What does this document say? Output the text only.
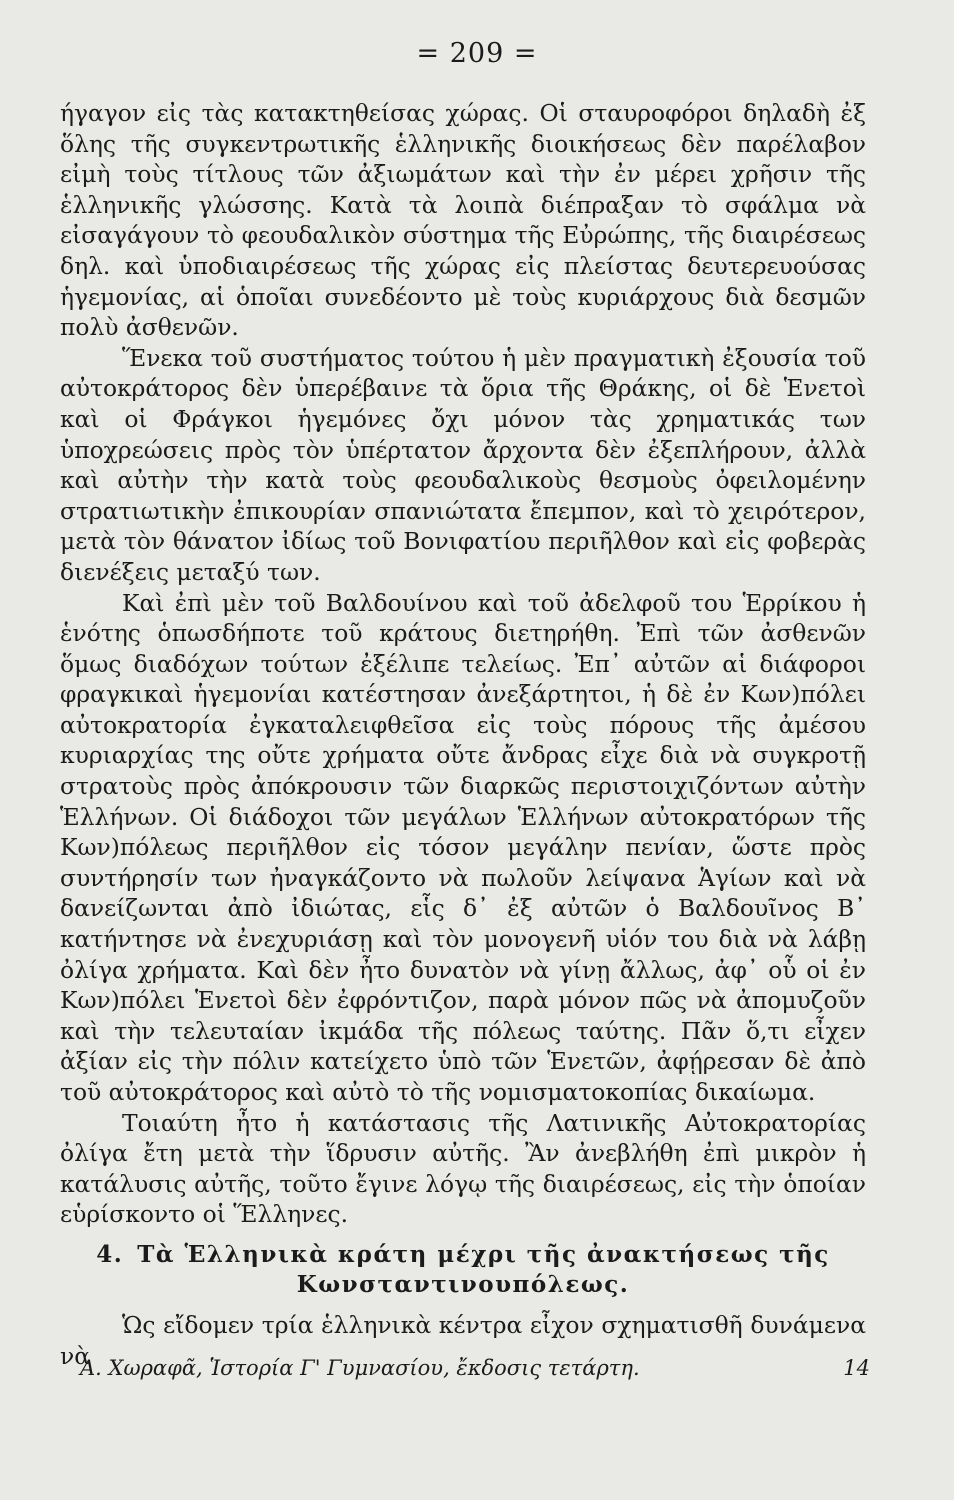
= 209 =

ήγαγον εἰς τὰς κατακτηθείσας χώρας. Οἱ σταυροφόροι δηλαδὴ ἐξ ὅλης τῆς συγκεντρωτικῆς ἑλληνικῆς διοικήσεως δὲν παρέλαβον εἰμὴ τοὺς τίτλους τῶν ἀξιωμάτων καὶ τὴν ἐν μέρει χρῆσιν τῆς ἑλληνικῆς γλώσσης. Κατὰ τὰ λοιπὰ διέπραξαν τὸ σφάλμα νὰ εἰσαγάγουν τὸ φεουδαλικὸν σύστημα τῆς Εὐρώπης, τῆς διαιρέσεως δηλ. καὶ ὑποδιαιρέσεως τῆς χώρας εἰς πλείστας δευτερευούσας ἡγεμονίας, αἱ ὁποῖαι συνεδέοντο μὲ τοὺς κυριάρχους διὰ δεσμῶν πολὺ ἀσθενῶν.

Ἕνεκα τοῦ συστήματος τούτου ἡ μὲν πραγματικὴ ἐξουσία τοῦ αὐτοκράτορος δὲν ὑπερέβαινε τὰ ὅρια τῆς Θράκης, οἱ δὲ Ἑνετοὶ καὶ οἱ Φράγκοι ἡγεμόνες ὄχι μόνον τὰς χρηματικάς των ὑποχρεώσεις πρὸς τὸν ὑπέρτατον ἄρχοντα δὲν ἐξεπλήρουν, ἀλλὰ καὶ αὐτὴν τὴν κατὰ τοὺς φεουδαλικοὺς θεσμοὺς ὀφειλομένην στρατιωτικὴν ἐπικουρίαν σπανιώτατα ἔπεμπον, καὶ τὸ χειρότερον, μετὰ τὸν θάνατον ἰδίως τοῦ Βονιφατίου περιῆλθον καὶ εἰς φοβερὰς διενέξεις μεταξύ των.

Καὶ ἐπὶ μὲν τοῦ Βαλδουίνου καὶ τοῦ ἀδελφοῦ του Ἑρρίκου ἡ ἑνότης ὁπωσδήποτε τοῦ κράτους διετηρήθη. Ἐπὶ τῶν ἀσθενῶν ὅμως διαδόχων τούτων ἐξέλιπε τελείως. Ἐπ᾿ αὐτῶν αἱ διάφοροι φραγκικαὶ ἡγεμονίαι κατέστησαν ἀνεξάρτητοι, ἡ δὲ ἐν Κων)πόλει αὐτοκρατορία ἐγκαταλειφθεῖσα εἰς τοὺς πόρους τῆς ἀμέσου κυριαρχίας της οὔτε χρήματα οὔτε ἄνδρας εἶχε διὰ νὰ συγκροτῇ στρατοὺς πρὸς ἀπόκρουσιν τῶν διαρκῶς περιστοιχιζόντων αὐτὴν Ἑλλήνων. Οἱ διάδοχοι τῶν μεγάλων Ἑλλήνων αὐτοκρατόρων τῆς Κων)πόλεως περιῆλθον εἰς τόσον μεγάλην πενίαν, ὥστε πρὸς συντήρησίν των ἠναγκάζοντο νὰ πωλοῦν λείψανα Ἁγίων καὶ νὰ δανείζωνται ἀπὸ ἰδιώτας, εἷς δ᾿ ἐξ αὐτῶν ὁ Βαλδουῖνος Β᾿ κατήντησε νὰ ἐνεχυριάσῃ καὶ τὸν μονογενῆ υἱόν του διὰ νὰ λάβῃ ὀλίγα χρήματα. Καὶ δὲν ἦτο δυνατὸν νὰ γίνῃ ἄλλως, ἀφ᾿ οὗ οἱ ἐν Κων)πόλει Ἑνετοὶ δὲν ἐφρόντιζον, παρὰ μόνον πῶς νὰ ἀπομυζοῦν καὶ τὴν τελευταίαν ἰκμάδα τῆς πόλεως ταύτης. Πᾶν ὅ,τι εἶχεν ἀξίαν εἰς τὴν πόλιν κατείχετο ὑπὸ τῶν Ἑνετῶν, ἀφῄρεσαν δὲ ἀπὸ τοῦ αὐτοκράτορος καὶ αὐτὸ τὸ τῆς νομισματοκοπίας δικαίωμα.

Τοιαύτη ἦτο ἡ κατάστασις τῆς Λατινικῆς Αὐτοκρατορίας ὀλίγα ἔτη μετὰ τὴν ἵδρυσιν αὐτῆς. Ἂν ἀνεβλήθη ἐπὶ μικρὸν ἡ κατάλυσις αὐτῆς, τοῦτο ἔγινε λόγῳ τῆς διαιρέσεως, εἰς τὴν ὁποίαν εὑρίσκοντο οἱ Ἕλληνες.

4. Τὰ Ἑλληνικὰ κράτη μέχρι τῆς ἀνακτήσεως τῆς Κωνσταντινουπόλεως.

Ὡς εἴδομεν τρία ἑλληνικὰ κέντρα εἶχον σχηματισθῆ δυνάμενα νὰ

Α. Χωραφᾶ, Ἱστορία Γ' Γυμνασίου, ἔκδοσις τετάρτη.	14
